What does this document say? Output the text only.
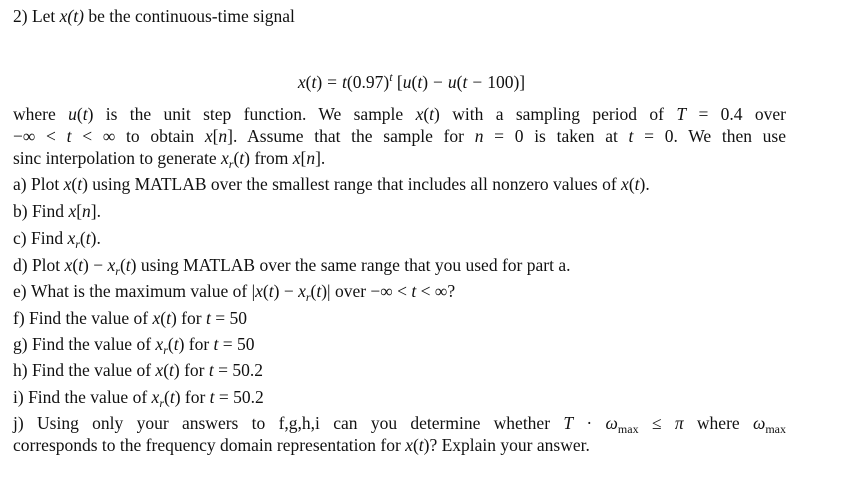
2) Let x(t) be the continuous-time signal
$x(t) = t(0.97)^t$ [u(t) − u(t − 100)]
where u(t) is the unit step function. We sample x(t) with a sampling period of T = 0.4 over
−∞ < t < ∞ to obtain x[n]. Assume that the sample for n = 0 is taken at t = 0. We then use
sinc interpolation to generate $x_r(t)$ from x[n].
a) Plot x(t) using MATLAB over the smallest range that includes all nonzero values of x(t).
b) Find x[n].
c) Find $x_r(t)$.
d) Plot $x(t) - x_r(t)$ using MATLAB over the same range that you used for part a.
e) What is the maximum value of $|x(t) - x_r(t)|$ over −∞ < t < ∞?
f) Find the value of x(t) for t = 50
g) Find the value of $x_r(t)$ for t = 50
h) Find the value of x(t) for t = 50.2
i) Find the value of $x_r(t)$ for t = 50.2
j) Using only your answers to f,g,h,i can you determine whether $T \cdot \omega_{max} \le \pi$ where $\omega_{max}$
corresponds to the frequency domain representation for x(t)? Explain your answer.
